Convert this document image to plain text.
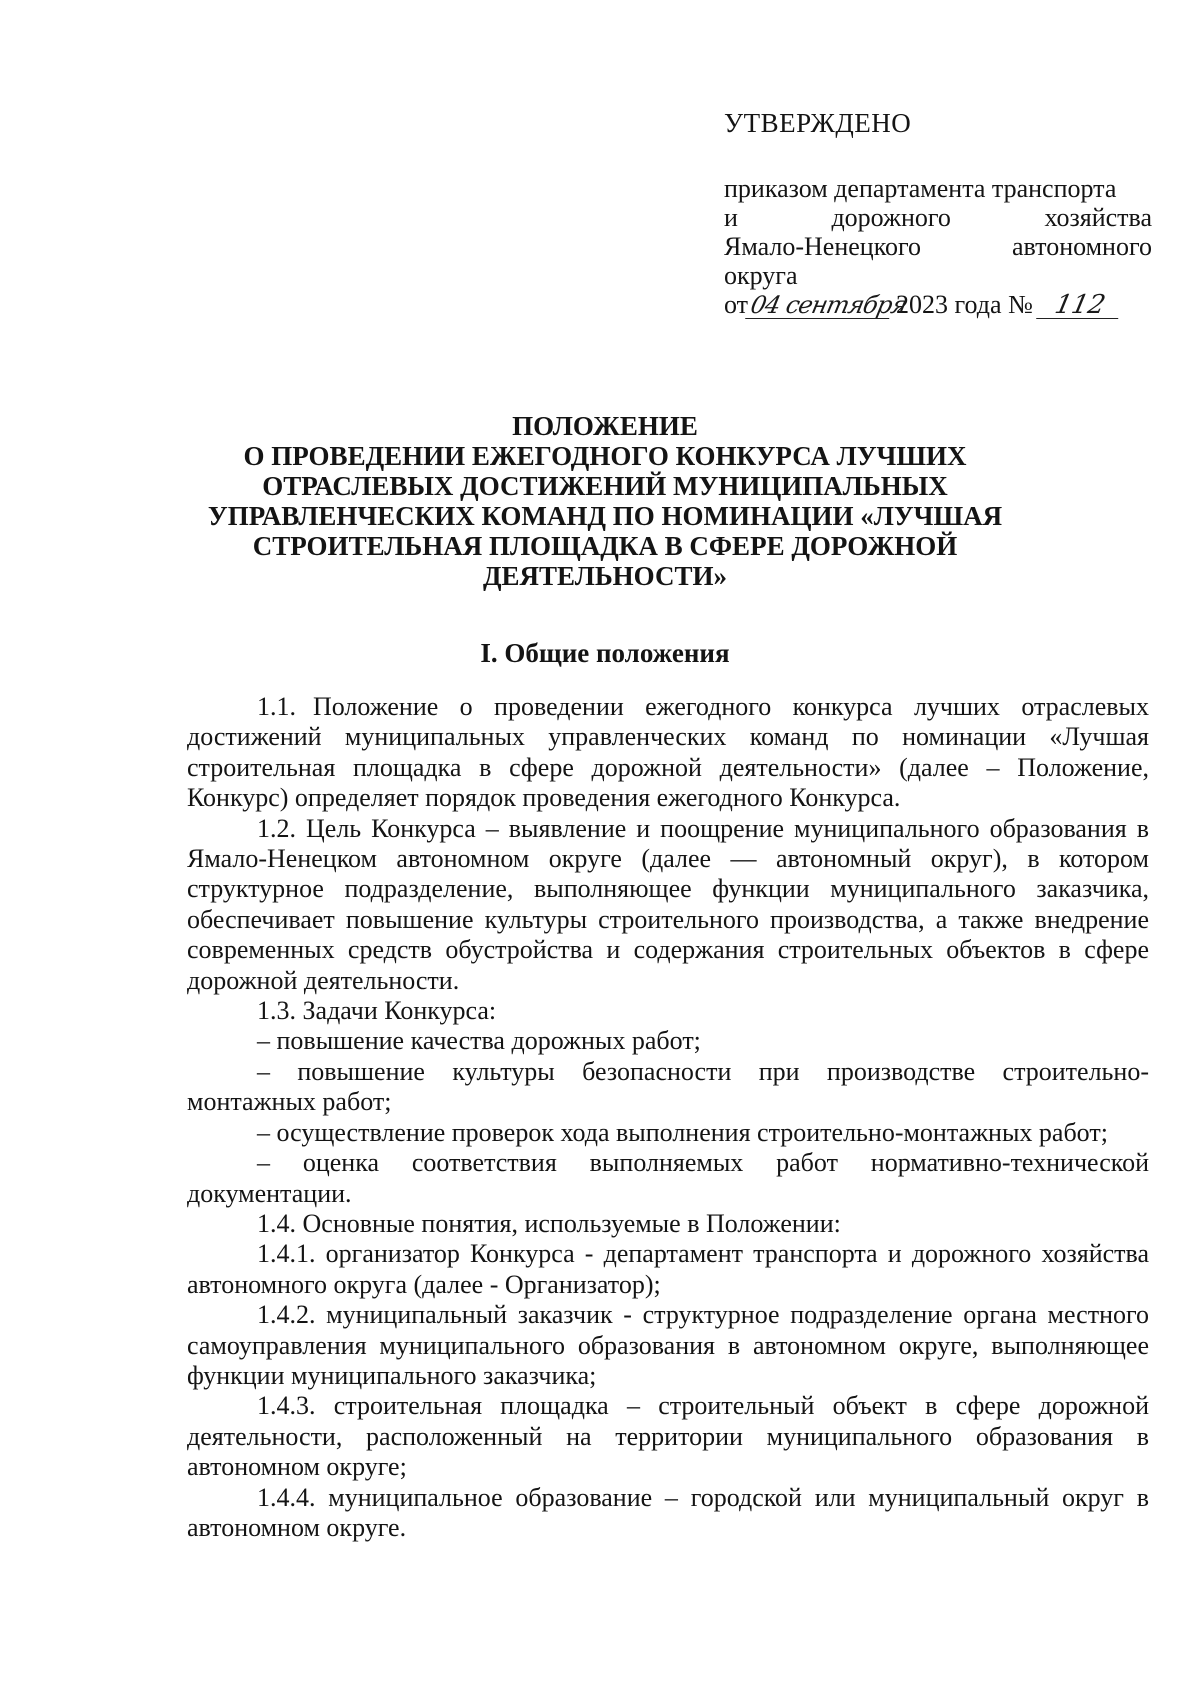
УТВЕРЖДЕНО
приказом департамента транспорта
и дорожного хозяйства
Ямало-Ненецкого автономного
округа
от 04 сентября
2023 года № 112
ПОЛОЖЕНИЕ
О ПРОВЕДЕНИИ ЕЖЕГОДНОГО КОНКУРСА ЛУЧШИХ
ОТРАСЛЕВЫХ ДОСТИЖЕНИЙ МУНИЦИПАЛЬНЫХ
УПРАВЛЕНЧЕСКИХ КОМАНД ПО НОМИНАЦИИ «ЛУЧШАЯ
СТРОИТЕЛЬНАЯ ПЛОЩАДКА В СФЕРЕ ДОРОЖНОЙ
ДЕЯТЕЛЬНОСТИ»
I. Общие положения

1.1. Положение о проведении ежегодного конкурса лучших отраслевых достижений муниципальных управленческих команд по номинации «Лучшая строительная площадка в сфере дорожной деятельности» (далее – Положение, Конкурс) определяет порядок проведения ежегодного Конкурса.

1.2. Цель Конкурса – выявление и поощрение муниципального образования в Ямало-Ненецком автономном округе (далее — автономный округ), в котором структурное подразделение, выполняющее функции муниципального заказчика, обеспечивает повышение культуры строительного производства, а также внедрение современных средств обустройства и содержания строительных объектов в сфере дорожной деятельности.

1.3. Задачи Конкурса:

– повышение качества дорожных работ;

– повышение культуры безопасности при производстве строительно-монтажных работ;

– осуществление проверок хода выполнения строительно-монтажных работ;

– оценка соответствия выполняемых работ нормативно-технической документации.

1.4. Основные понятия, используемые в Положении:

1.4.1. организатор Конкурса - департамент транспорта и дорожного хозяйства автономного округа (далее - Организатор);

1.4.2. муниципальный заказчик - структурное подразделение органа местного самоуправления муниципального образования в автономном округе, выполняющее функции муниципального заказчика;

1.4.3. строительная площадка – строительный объект в сфере дорожной деятельности, расположенный на территории муниципального образования в автономном округе;

1.4.4. муниципальное образование – городской или муниципальный округ в автономном округе.
